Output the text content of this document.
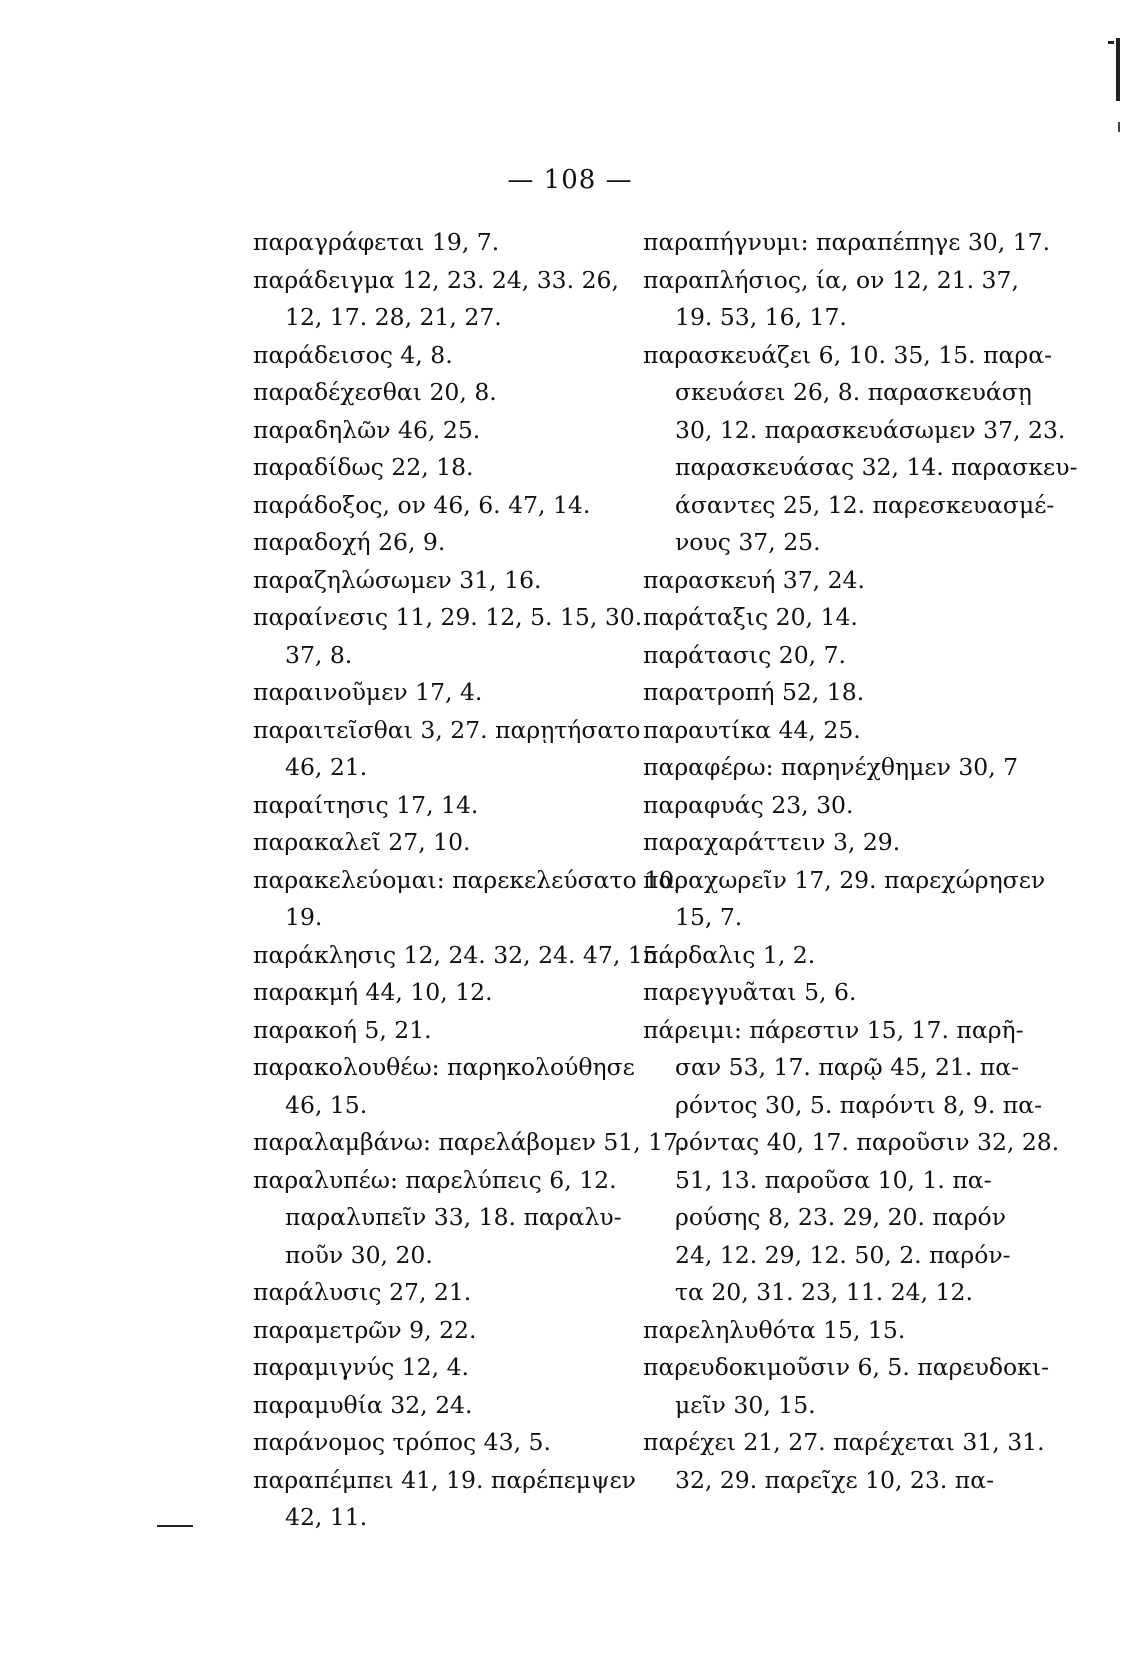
— 108 —
παραγράφεται 19, 7.
παράδειγμα 12, 23. 24, 33. 26,
12, 17. 28, 21, 27.
παράδεισος 4, 8.
παραδέχεσθαι 20, 8.
παραδηλῶν 46, 25.
παραδίδως 22, 18.
παράδοξος, ον 46, 6. 47, 14.
παραδοχή 26, 9.
παραζηλώσωμεν 31, 16.
παραίνεσις 11, 29. 12, 5. 15, 30.
37, 8.
παραινοῦμεν 17, 4.
παραιτεῖσθαι 3, 27. παρῃτήσατο
46, 21.
παραίτησις 17, 14.
παρακαλεῖ 27, 10.
παρακελεύομαι: παρεκελεύσατο 10,
19.
παράκλησις 12, 24. 32, 24. 47, 15.
παρακμή 44, 10, 12.
παρακοή 5, 21.
παρακολουθέω: παρηκολούθησε
46, 15.
παραλαμβάνω: παρελάβομεν 51, 17.
παραλυπέω: παρελύπεις 6, 12.
παραλυπεῖν 33, 18. παραλυ-
ποῦν 30, 20.
παράλυσις 27, 21.
παραμετρῶν 9, 22.
παραμιγνύς 12, 4.
παραμυθία 32, 24.
παράνομος τρόπος 43, 5.
παραπέμπει 41, 19. παρέπεμψεν
42, 11.
παραπήγνυμι: παραπέπηγε 30, 17.
παραπλήσιος, ία, ον 12, 21. 37,
19. 53, 16, 17.
παρασκευάζει 6, 10. 35, 15. παρα-
σκευάσει 26, 8. παρασκευάσῃ
30, 12. παρασκευάσωμεν 37, 23.
παρασκευάσας 32, 14. παρασκευ-
άσαντες 25, 12. παρεσκευασμέ-
νους 37, 25.
παρασκευή 37, 24.
παράταξις 20, 14.
παράτασις 20, 7.
παρατροπή 52, 18.
παραυτίκα 44, 25.
παραφέρω: παρηνέχθημεν 30, 7
παραφυάς 23, 30.
παραχαράττειν 3, 29.
παραχωρεῖν 17, 29. παρεχώρησεν
15, 7.
πάρδαλις 1, 2.
παρεγγυᾶται 5, 6.
πάρειμι: πάρεστιν 15, 17. παρῆ-
σαν 53, 17. παρῷ 45, 21. πα-
ρόντος 30, 5. παρόντι 8, 9. πα-
ρόντας 40, 17. παροῦσιν 32, 28.
51, 13. παροῦσα 10, 1. πα-
ρούσης 8, 23. 29, 20. παρόν
24, 12. 29, 12. 50, 2. παρόν-
τα 20, 31. 23, 11. 24, 12.
παρεληλυθότα 15, 15.
παρευδοκιμοῦσιν 6, 5. παρευδοκι-
μεῖν 30, 15.
παρέχει 21, 27. παρέχεται 31, 31.
32, 29. παρεῖχε 10, 23. πα-
